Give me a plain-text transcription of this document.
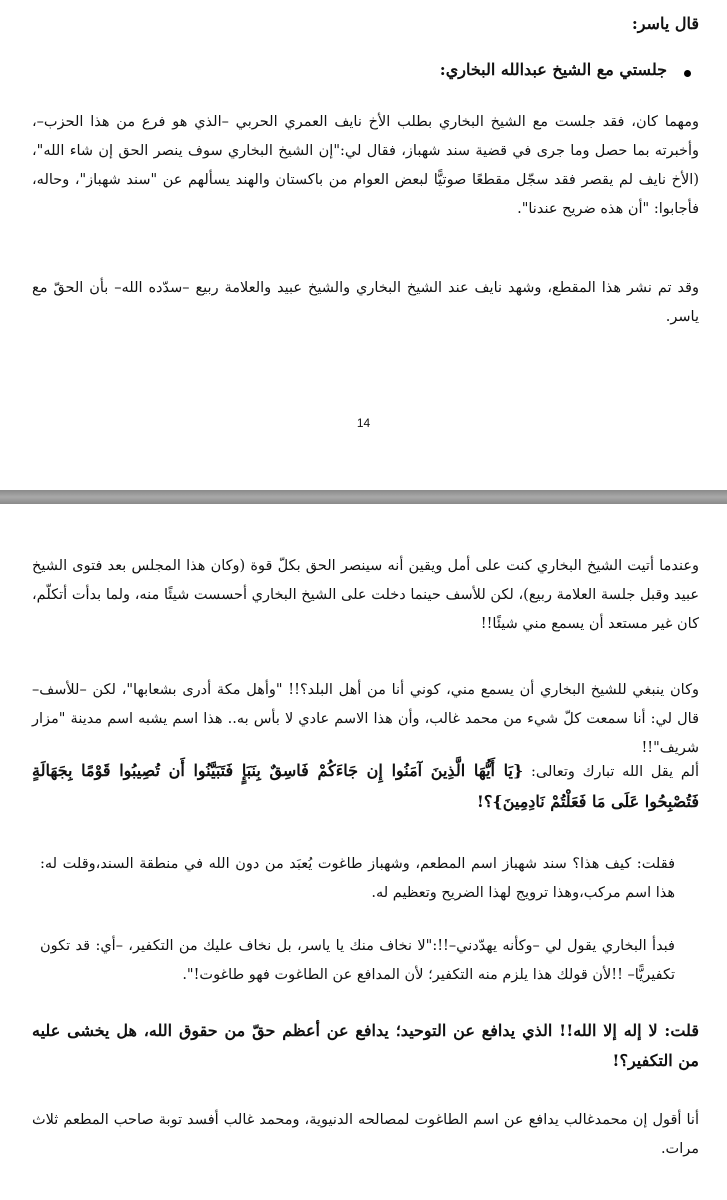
قال ياسر:

جلستي مع الشيخ عبدالله البخاري:

ومهما كان، فقد جلست مع الشيخ البخاري بطلب الأخ نايف العمري الحربي –الذي هو فرع من هذا الحزب–، وأخبرته بما حصل وما جرى في قضية سند شهباز، فقال لي:"إن الشيخ البخاري سوف ينصر الحق إن شاء الله"، (الأخ نايف لم يقصر فقد سجّل مقطعًا صوتيًّا لبعض العوام من باكستان والهند يسألهم عن "سند شهباز"، وحاله، فأجابوا: "أن هذه ضريح عندنا".

وقد تم نشر هذا المقطع، وشهد نايف عند الشيخ البخاري والشيخ عبيد والعلامة ربيع –سدّده الله– بأن الحقّ مع ياسر.

14

وعندما أتيت الشيخ البخاري كنت على أمل ويقين أنه سينصر الحق بكلّ قوة (وكان هذا المجلس بعد فتوى الشيخ عبيد وقبل جلسة العلامة ربيع)، لكن للأسف حينما دخلت على الشيخ البخاري أحسست شيئًا منه، ولما بدأت أتكلّم، كان غير مستعد أن يسمع مني شيئًا!!

وكان ينبغي للشيخ البخاري أن يسمع مني، كوني أنا من أهل البلد؟!! "وأهل مكة أدرى بشعابها"، لكن –للأسف–قال لي: أنا سمعت كلّ شيء من محمد غالب، وأن هذا الاسم عادي لا بأس به.. هذا اسم يشبه اسم مدينة "مزار شريف"!!

ألم يقل الله تبارك وتعالى: {يَا أَيُّهَا الَّذِينَ آمَنُوا إِن جَاءَكُمْ فَاسِقٌ بِنَبَإٍ فَتَبَيَّنُوا أَن تُصِيبُوا قَوْمًا بِجَهَالَةٍ فَتُصْبِحُوا عَلَى مَا فَعَلْتُمْ نَادِمِينَ}؟!

فقلت: كيف هذا؟ سند شهباز اسم المطعم، وشهباز طاغوت يُعبَد من دون الله في منطقة السند،وقلت له: هذا اسم مركب،وهذا ترويج لهذا الضريح وتعظيم له.

فبدأ البخاري يقول لي –وكأنه يهدّدني–!!:"لا نخاف منك يا ياسر، بل نخاف عليك من التكفير، –أي: قد تكون تكفيريًّا– !!لأن قولك هذا يلزم منه التكفير؛ لأن المدافع عن الطاغوت فهو طاغوت!".

قلت: لا إله إلا الله!! الذي يدافع عن التوحيد؛ يدافع عن أعظم حقّ من حقوق الله، هل يخشى عليه من التكفير؟!

أنا أقول إن محمدغالب يدافع عن اسم الطاغوت لمصالحه الدنيوية، ومحمد غالب أفسد توبة صاحب المطعم ثلاث مرات.
